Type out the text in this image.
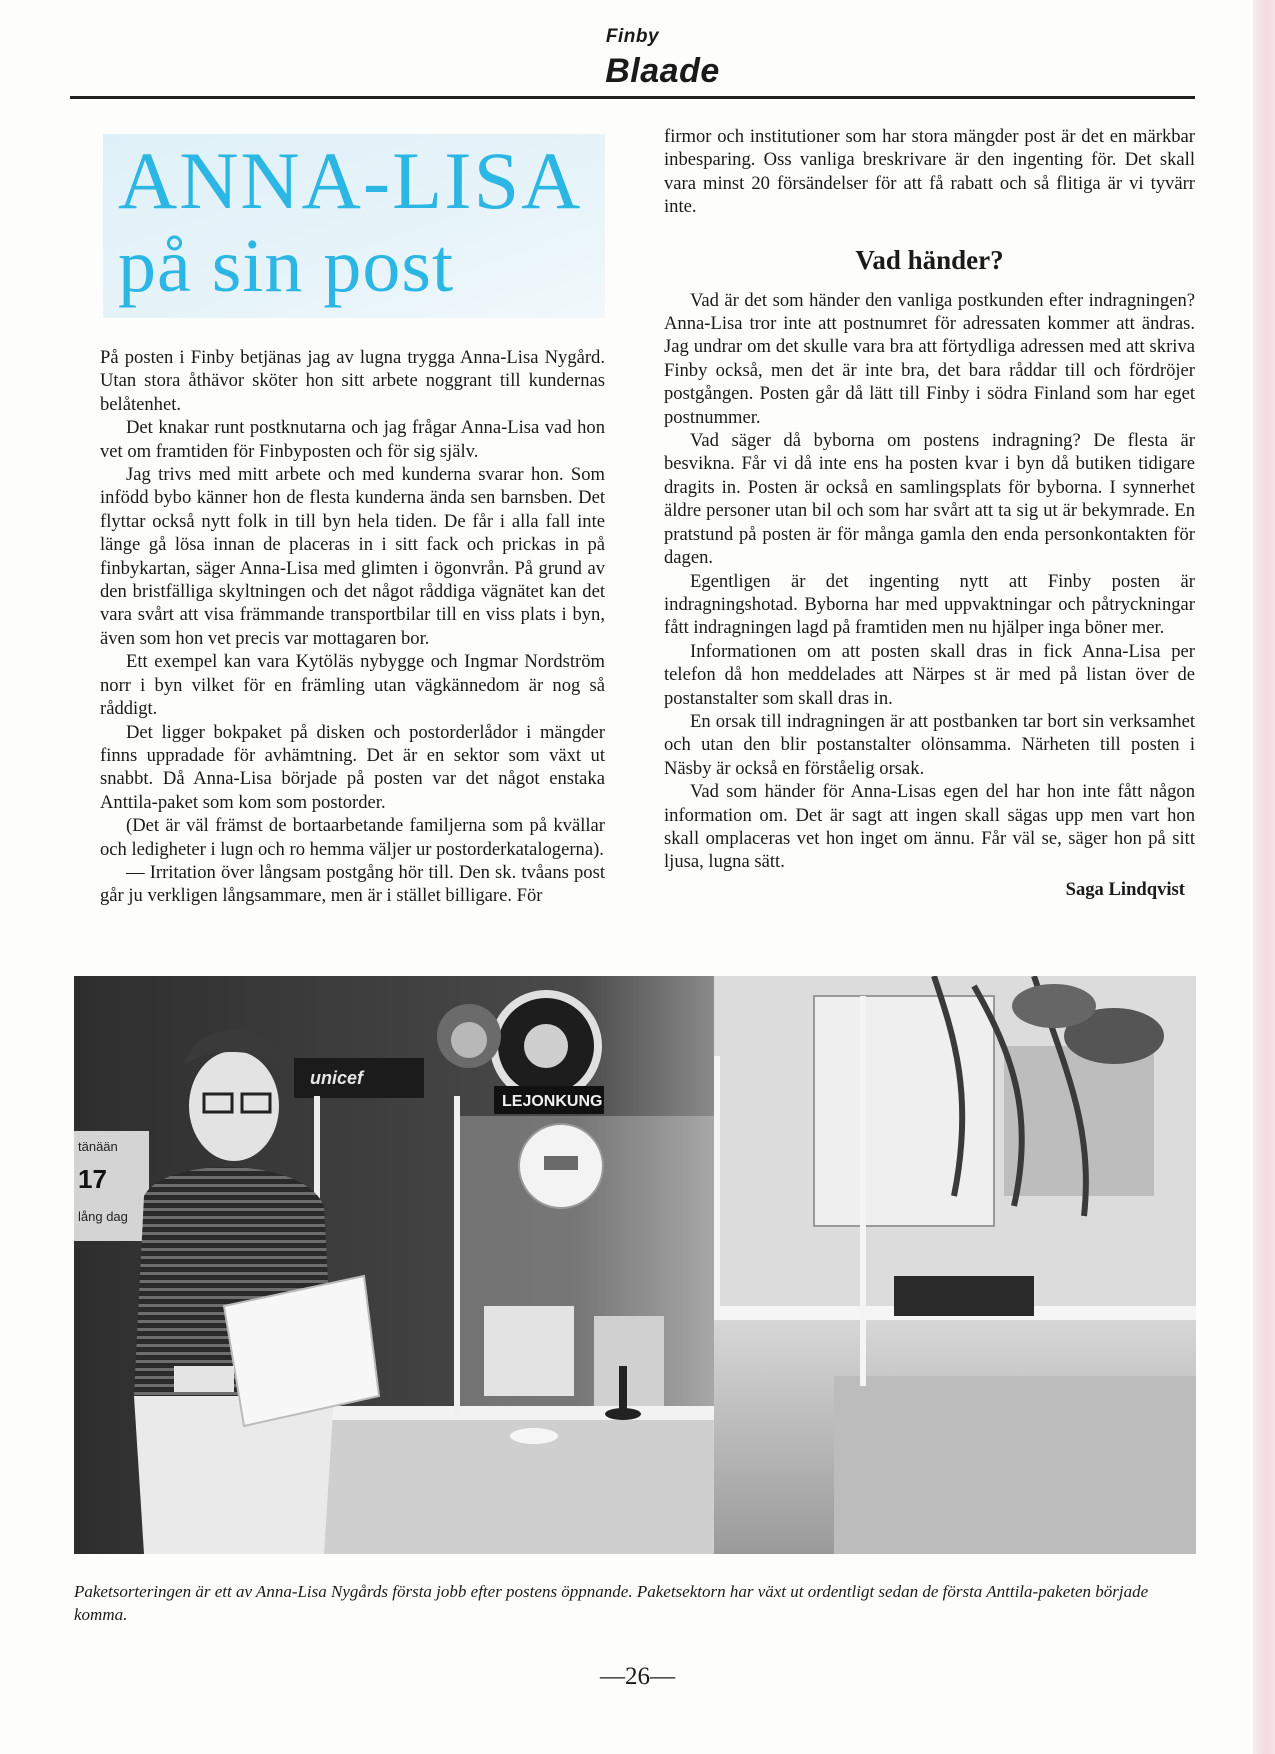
Finby
Blaade
ANNA-LISA
på sin post

På posten i Finby betjänas jag av lugna trygga Anna-Lisa Nygård. Utan stora åthävor sköter hon sitt arbete noggrant till kundernas belåtenhet.

Det knakar runt postknutarna och jag frågar Anna-Lisa vad hon vet om framtiden för Finbyposten och för sig själv.

Jag trivs med mitt arbete och med kunderna svarar hon. Som infödd bybo känner hon de flesta kunderna ända sen barnsben. Det flyttar också nytt folk in till byn hela tiden. De får i alla fall inte länge gå lösa innan de placeras in i sitt fack och prickas in på finbykartan, säger Anna-Lisa med glimten i ögonvrån. På grund av den bristfälliga skyltningen och det något råddiga vägnätet kan det vara svårt att visa främmande transportbilar till en viss plats i byn, även som hon vet precis var mottagaren bor.

Ett exempel kan vara Kytöläs nybygge och Ingmar Nordström norr i byn vilket för en främling utan vägkännedom är nog så råddigt.

Det ligger bokpaket på disken och postorderlådor i mängder finns uppradade för avhämtning. Det är en sektor som växt ut snabbt. Då Anna-Lisa började på posten var det något enstaka Anttila-paket som kom som postorder.

(Det är väl främst de bortaarbetande familjerna som på kvällar och ledigheter i lugn och ro hemma väljer ur postorderkatalogerna).

— Irritation över långsam postgång hör till. Den sk. tvåans post går ju verkligen långsammare, men är i stället billigare. För

firmor och institutioner som har stora mängder post är det en märkbar inbesparing. Oss vanliga breskrivare är den ingenting för. Det skall vara minst 20 försändelser för att få rabatt och så flitiga är vi tyvärr inte.

Vad händer?

Vad är det som händer den vanliga postkunden efter indragningen? Anna-Lisa tror inte att postnumret för adressaten kommer att ändras. Jag undrar om det skulle vara bra att förtydliga adressen med att skriva Finby också, men det är inte bra, det bara råddar till och fördröjer postgången. Posten går då lätt till Finby i södra Finland som har eget postnummer.

Vad säger då byborna om postens indragning? De flesta är besvikna. Får vi då inte ens ha posten kvar i byn då butiken tidigare dragits in. Posten är också en samlingsplats för byborna. I synnerhet äldre personer utan bil och som har svårt att ta sig ut är bekymrade. En pratstund på posten är för många gamla den enda personkontakten för dagen.

Egentligen är det ingenting nytt att Finby posten är indragningshotad. Byborna har med uppvaktningar och påtryckningar fått indragningen lagd på framtiden men nu hjälper inga böner mer.

Informationen om att posten skall dras in fick Anna-Lisa per telefon då hon meddelades att Närpes st är med på listan över de postanstalter som skall dras in.

En orsak till indragningen är att postbanken tar bort sin verksamhet och utan den blir postanstalter olönsamma. Närheten till posten i Näsby är också en förståelig orsak.

Vad som händer för Anna-Lisas egen del har hon inte fått någon information om. Det är sagt att ingen skall sägas upp men vart hon skall omplaceras vet hon inget om ännu. Får väl se, säger hon på sitt ljusa, lugna sätt.

Saga Lindqvist
LEJONKUNG
unicef
tänään
17
lång dag
Paketsorteringen är ett av Anna-Lisa Nygårds första jobb efter postens öppnande. Paketsektorn har växt ut ordentligt sedan de första Anttila-paketen började komma.
—26—
